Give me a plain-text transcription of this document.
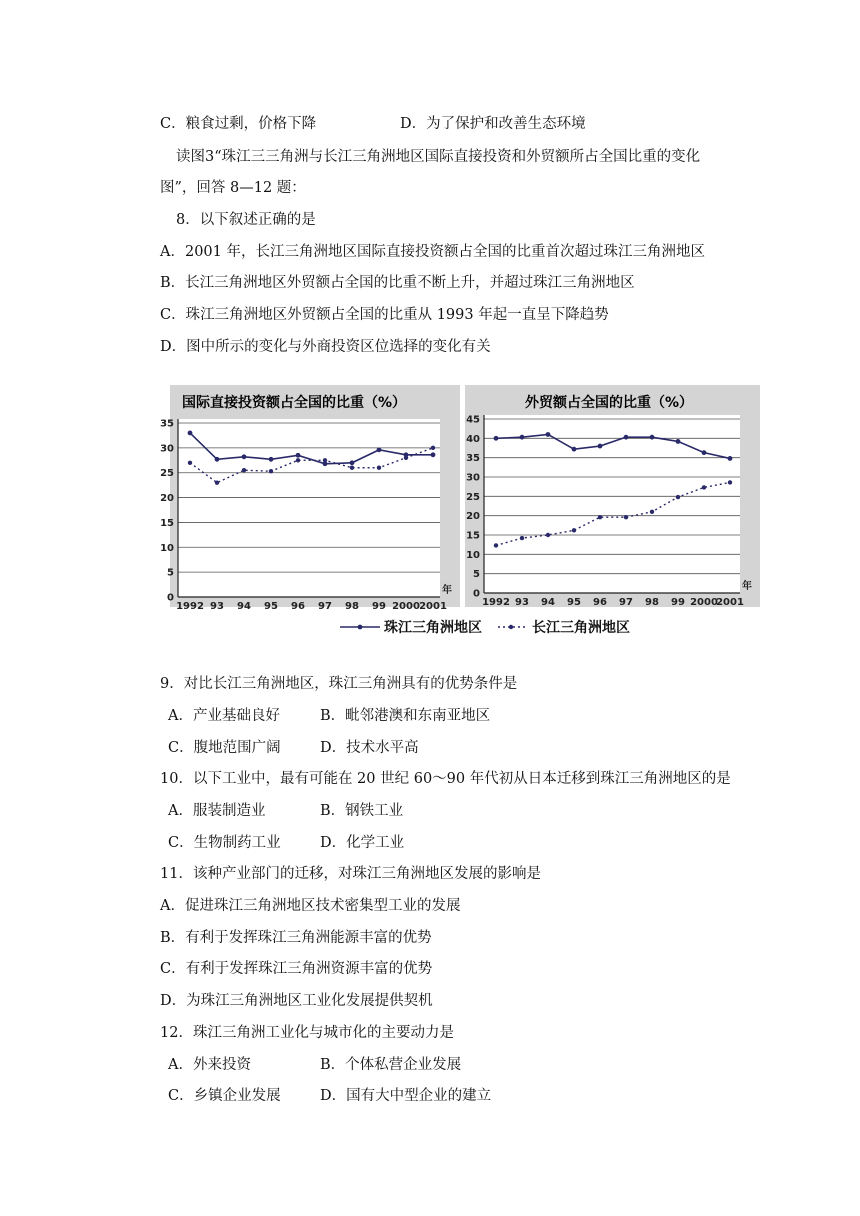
C．粮食过剩，价格下降	D．为了保护和改善生态环境
读图3“珠江三三角洲与长江三角洲地区国际直接投资和外贸额所占全国比重的变化
图”，回答 8—12 题：
8．以下叙述正确的是
A．2001 年，长江三角洲地区国际直接投资额占全国的比重首次超过珠江三角洲地区
B．长江三角洲地区外贸额占全国的比重不断上升，并超过珠江三角洲地区
C．珠江三角洲地区外贸额占全国的比重从 1993 年起一直呈下降趋势
D．图中所示的变化与外商投资区位选择的变化有关
国际直接投资额占全国的比重（%）
0
5
10
15
20
25
30
35
1992 93 94 95 96 97 98 99 2000 2001
年
外贸额占全国的比重（%）
0
5
10
15
20
25
30
35
40
45
1992 93 94 95 96 97 98 99 2000
2001
年
珠江三角洲地区	长江三角洲地区
9．对比长江三角洲地区，珠江三角洲具有的优势条件是
A．产业基础良好	B．毗邻港澳和东南亚地区
C．腹地范围广阔	D．技术水平高
10．以下工业中，最有可能在 20 世纪 60～90 年代初从日本迁移到珠江三角洲地区的是
A．服装制造业	B．钢铁工业
C．生物制药工业	D．化学工业
11．该种产业部门的迁移，对珠江三角洲地区发展的影响是
A．促进珠江三角洲地区技术密集型工业的发展
B．有利于发挥珠江三角洲能源丰富的优势
C．有利于发挥珠江三角洲资源丰富的优势
D．为珠江三角洲地区工业化发展提供契机
12．珠江三角洲工业化与城市化的主要动力是
A．外来投资	B．个体私营企业发展
C．乡镇企业发展	D．国有大中型企业的建立
